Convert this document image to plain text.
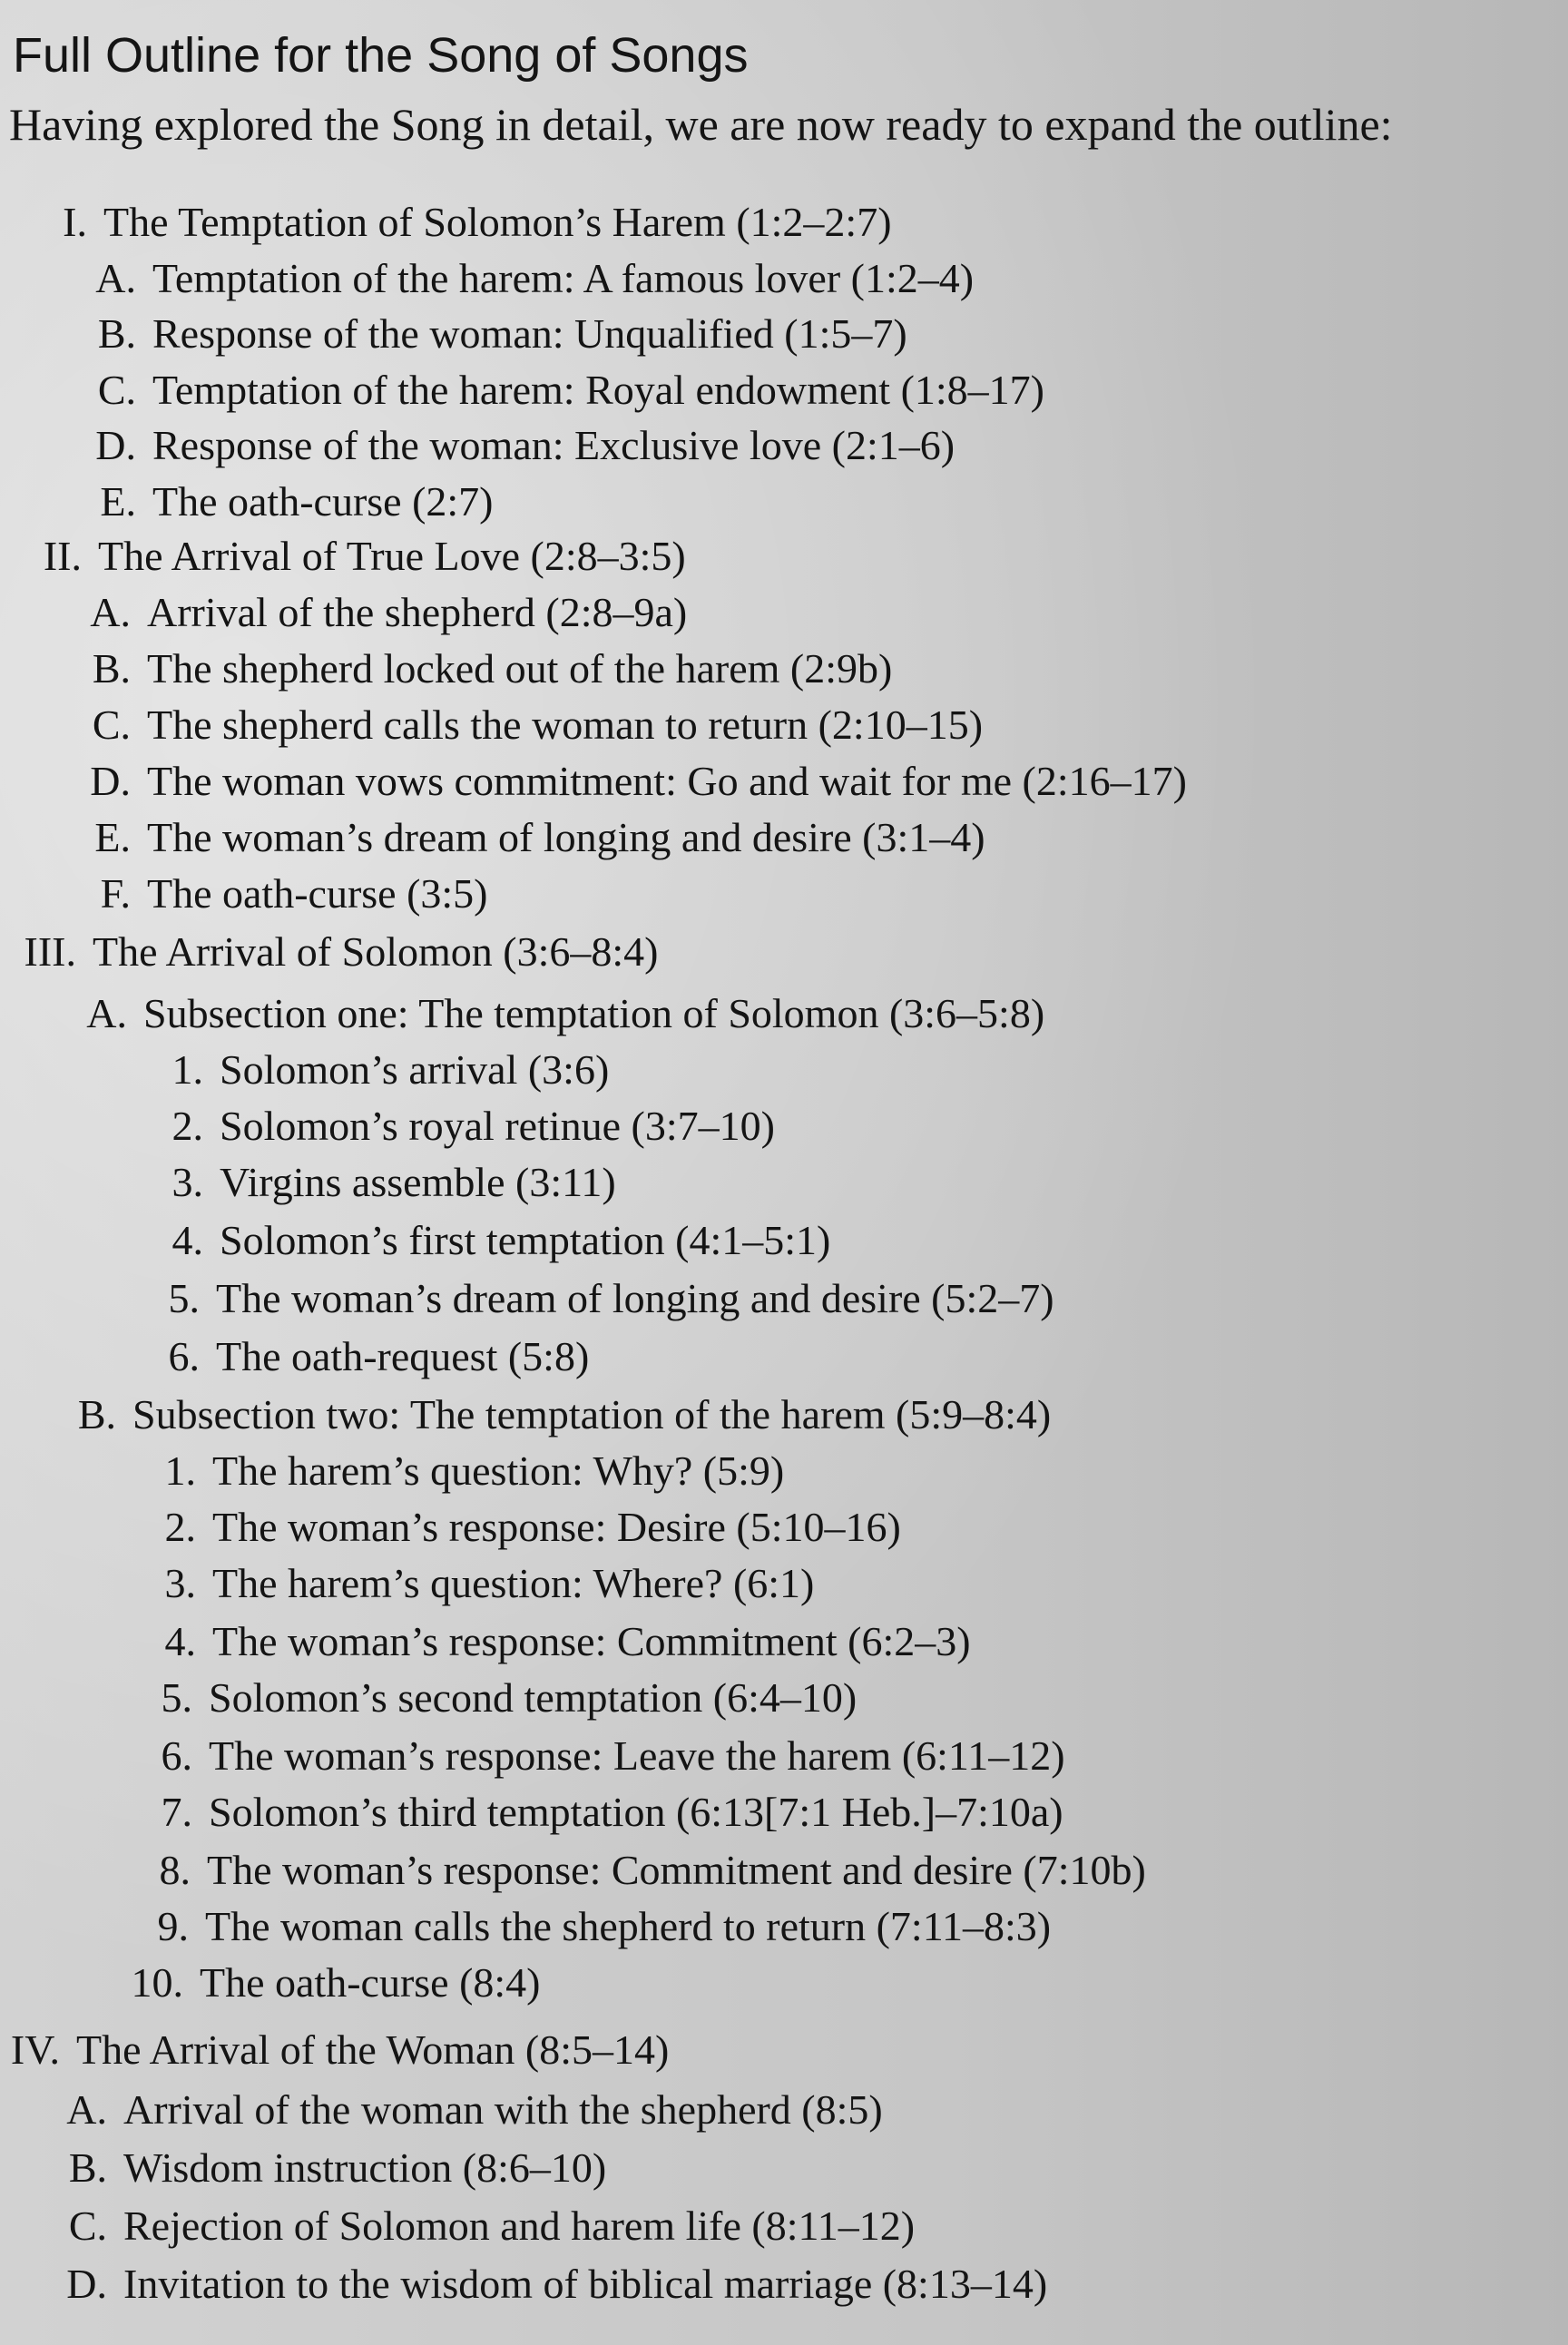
Full Outline for the Song of Songs
Having explored the Song in detail, we are now ready to expand the outline:
I. The Temptation of Solomon’s Harem (1:2–2:7)
A. Temptation of the harem: A famous lover (1:2–4)
B. Response of the woman: Unqualified (1:5–7)
C. Temptation of the harem: Royal endowment (1:8–17)
D. Response of the woman: Exclusive love (2:1–6)
E. The oath-curse (2:7)
II. The Arrival of True Love (2:8–3:5)
A. Arrival of the shepherd (2:8–9a)
B. The shepherd locked out of the harem (2:9b)
C. The shepherd calls the woman to return (2:10–15)
D. The woman vows commitment: Go and wait for me (2:16–17)
E. The woman’s dream of longing and desire (3:1–4)
F. The oath-curse (3:5)
III. The Arrival of Solomon (3:6–8:4)
A. Subsection one: The temptation of Solomon (3:6–5:8)
1. Solomon’s arrival (3:6)
2. Solomon’s royal retinue (3:7–10)
3. Virgins assemble (3:11)
4. Solomon’s first temptation (4:1–5:1)
5. The woman’s dream of longing and desire (5:2–7)
6. The oath-request (5:8)
B. Subsection two: The temptation of the harem (5:9–8:4)
1. The harem’s question: Why? (5:9)
2. The woman’s response: Desire (5:10–16)
3. The harem’s question: Where? (6:1)
4. The woman’s response: Commitment (6:2–3)
5. Solomon’s second temptation (6:4–10)
6. The woman’s response: Leave the harem (6:11–12)
7. Solomon’s third temptation (6:13[7:1 Heb.]–7:10a)
8. The woman’s response: Commitment and desire (7:10b)
9. The woman calls the shepherd to return (7:11–8:3)
10. The oath-curse (8:4)
IV. The Arrival of the Woman (8:5–14)
A. Arrival of the woman with the shepherd (8:5)
B. Wisdom instruction (8:6–10)
C. Rejection of Solomon and harem life (8:11–12)
D. Invitation to the wisdom of biblical marriage (8:13–14)
